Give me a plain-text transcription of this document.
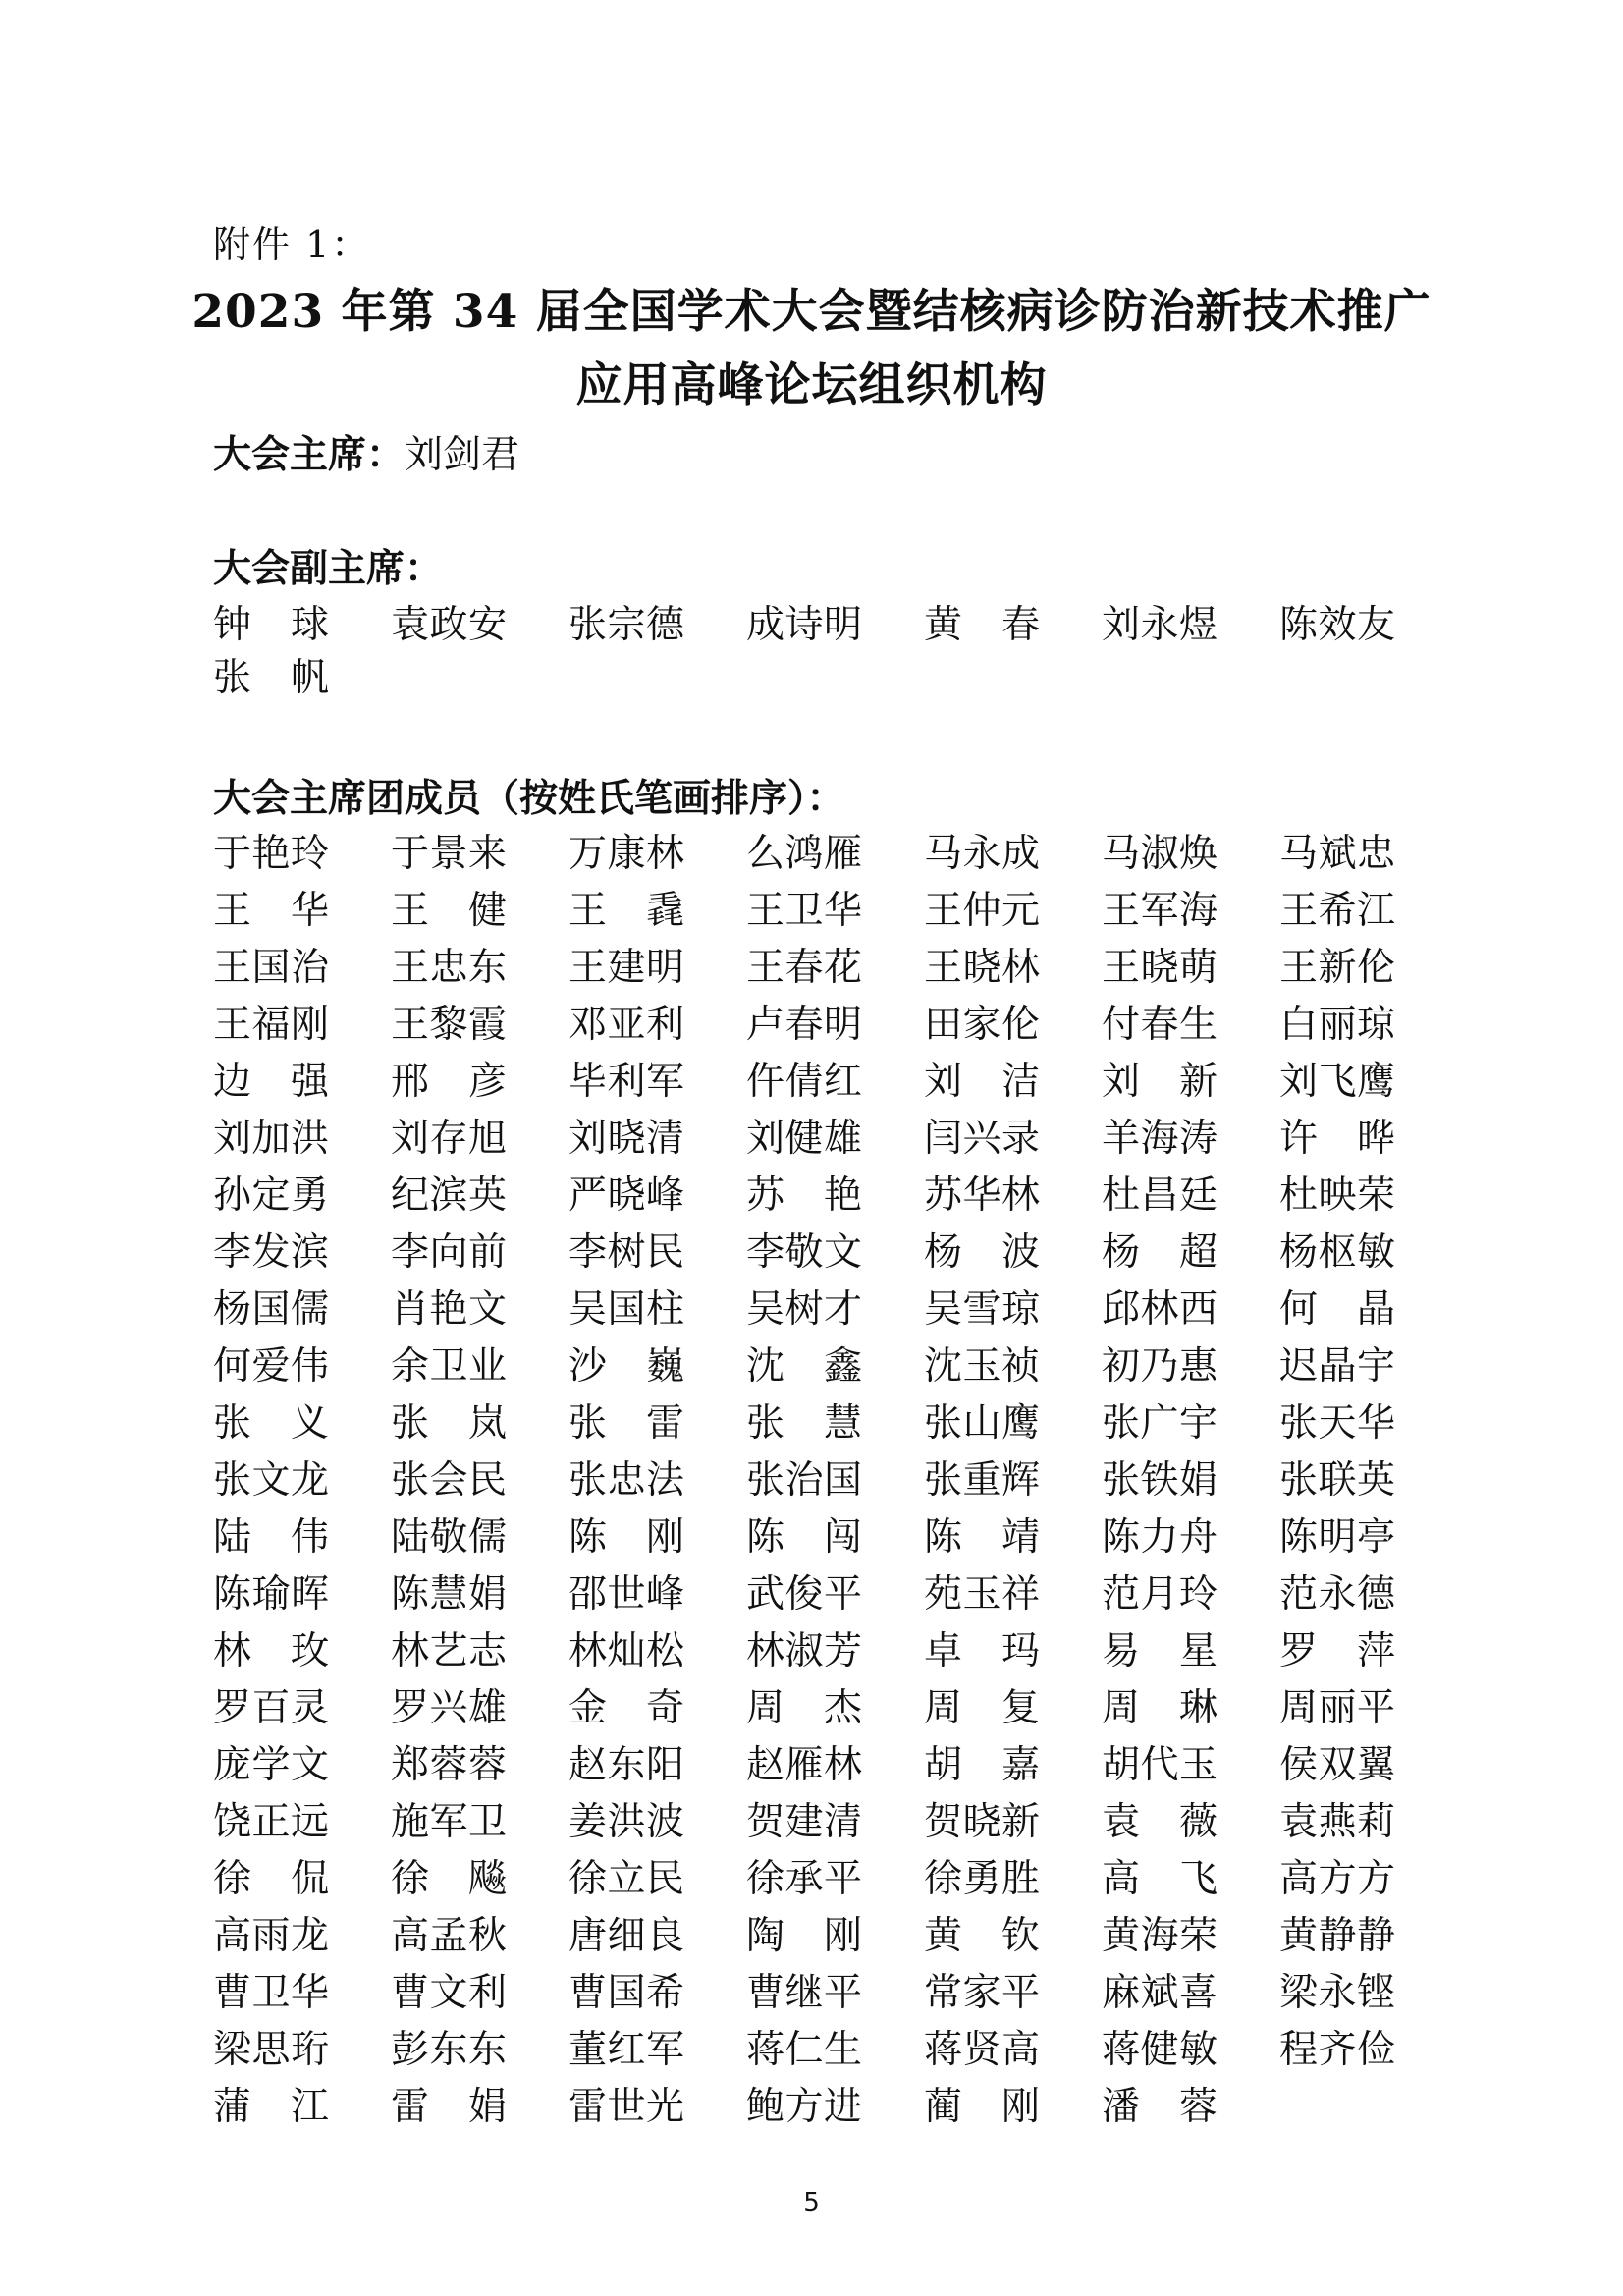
附件 1：
2023 年第 34 届全国学术大会暨结核病诊防治新技术推广
应用高峰论坛组织机构
大会主席：刘剑君
大会副主席：
钟 球 袁 政 安 张 宗 德 成 诗 明 黄 春 刘 永 煜 陈 效 友
张 帆
大会主席团成员（按姓氏笔画排序）：
于 艳 玲 于 景 来 万 康 林 么 鸿 雁 马 永 成 马 淑 焕 马 斌 忠
王 华 王 健 王 毳 王 卫 华 王 仲 元 王 军 海 王 希 江
王 国 治 王 忠 东 王 建 明 王 春 花 王 晓 林 王 晓 萌 王 新 伦
王 福 刚 王 黎 霞 邓 亚 利 卢 春 明 田 家 伦 付 春 生 白 丽 琼
边 强 邢 彦 毕 利 军 仵 倩 红 刘 洁 刘 新 刘 飞 鹰
刘 加 洪 刘 存 旭 刘 晓 清 刘 健 雄 闫 兴 录 羊 海 涛 许 晔
孙 定 勇 纪 滨 英 严 晓 峰 苏 艳 苏 华 林 杜 昌 廷 杜 映 荣
李 发 滨 李 向 前 李 树 民 李 敬 文 杨 波 杨 超 杨 枢 敏
杨 国 儒 肖 艳 文 吴 国 柱 吴 树 才 吴 雪 琼 邱 林 西 何 晶
何 爱 伟 余 卫 业 沙 巍 沈 鑫 沈 玉 祯 初 乃 惠 迟 晶 宇
张 义 张 岚 张 雷 张 慧 张 山 鹰 张 广 宇 张 天 华
张 文 龙 张 会 民 张 忠 法 张 治 国 张 重 辉 张 铁 娟 张 联 英
陆 伟 陆 敬 儒 陈 刚 陈 闯 陈 靖 陈 力 舟 陈 明 亭
陈 瑜 晖 陈 慧 娟 邵 世 峰 武 俊 平 苑 玉 祥 范 月 玲 范 永 德
林 玫 林 艺 志 林 灿 松 林 淑 芳 卓 玛 易 星 罗 萍
罗 百 灵 罗 兴 雄 金 奇 周 杰 周 复 周 琳 周 丽 平
庞 学 文 郑 蓉 蓉 赵 东 阳 赵 雁 林 胡 嘉 胡 代 玉 侯 双 翼
饶 正 远 施 军 卫 姜 洪 波 贺 建 清 贺 晓 新 袁 薇 袁 燕 莉
徐 侃 徐 飚 徐 立 民 徐 承 平 徐 勇 胜 高 飞 高 方 方
高 雨 龙 高 孟 秋 唐 细 良 陶 刚 黄 钦 黄 海 荣 黄 静 静
曹 卫 华 曹 文 利 曹 国 希 曹 继 平 常 家 平 麻 斌 喜 梁 永 铿
梁 思 珩 彭 东 东 董 红 军 蒋 仁 生 蒋 贤 高 蒋 健 敏 程 齐 俭
蒲 江 雷 娟 雷 世 光 鲍 方 进 蔺 刚 潘 蓉
5
